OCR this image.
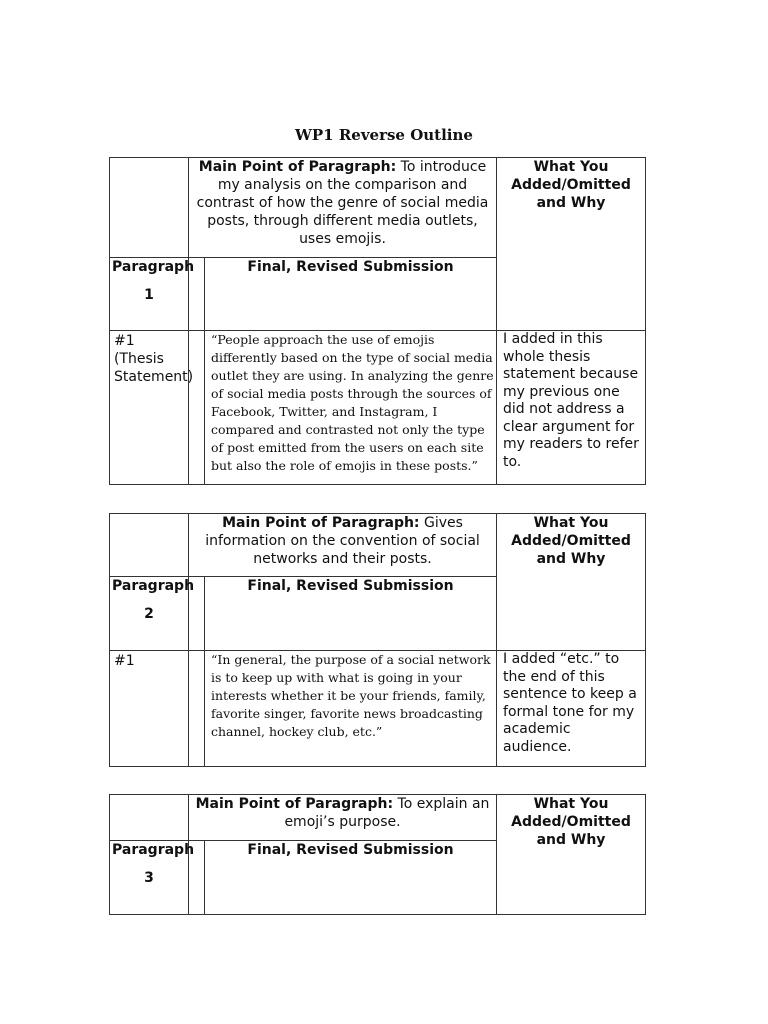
WP1 Reverse Outline

	Main Point of Paragraph: To introduce my analysis on the comparison and contrast of how the genre of social media posts, through different media outlets, uses emojis.		What You Added/Omitted and Why

Paragraph
1		Final, Revised Submission	

#1 (Thesis Statement)		“People approach the use of emojis differently based on the type of social media outlet they are using. In analyzing the genre of social media posts through the sources of Facebook, Twitter, and Instagram, I compared and contrasted not only the type of post emitted from the users on each site but also the role of emojis in these posts.”	I added in this whole thesis statement because my previous one did not address a clear argument for my readers to refer to.

	Main Point of Paragraph: Gives information on the convention of social networks and their posts.		What You Added/Omitted and Why

Paragraph
2		Final, Revised Submission	

#1		“In general, the purpose of a social network is to keep up with what is going in your interests whether it be your friends, family, favorite singer, favorite news broadcasting channel, hockey club, etc.”	I added “etc.” to the end of this sentence to keep a formal tone for my academic audience.

	Main Point of Paragraph: To explain an emoji’s purpose.		What You Added/Omitted and Why

Paragraph
3		Final, Revised Submission	
